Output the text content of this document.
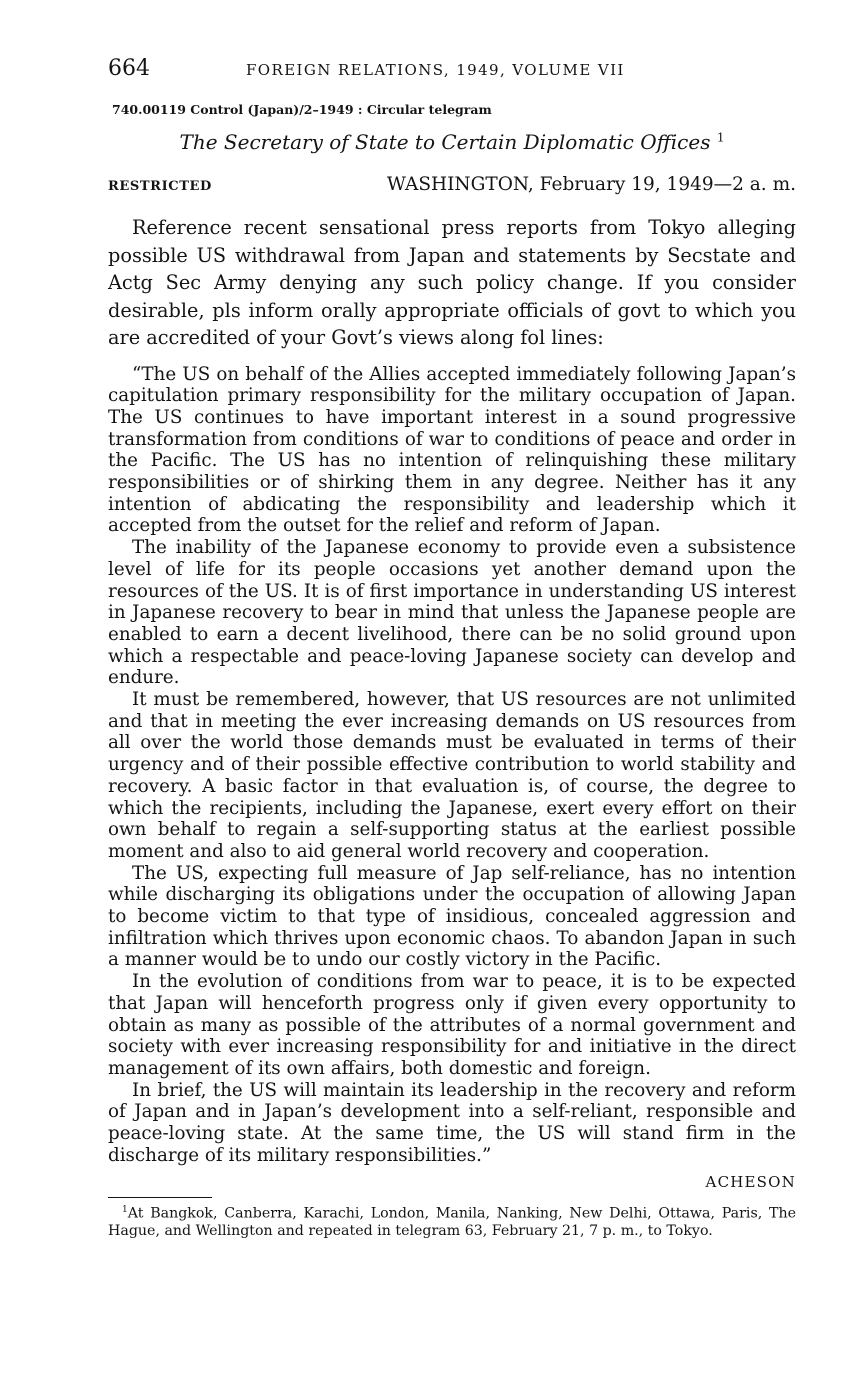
664	FOREIGN RELATIONS, 1949, VOLUME VII
740.00119 Control (Japan)/2–1949 : Circular telegram
The Secretary of State to Certain Diplomatic Offices $^1$
RESTRICTED	WASHINGTON, February 19, 1949—2 a. m.

Reference recent sensational press reports from Tokyo alleging possible US withdrawal from Japan and statements by Secstate and Actg Sec Army denying any such policy change. If you consider desirable, pls inform orally appropriate officials of govt to which you are accredited of your Govt’s views along fol lines:

“The US on behalf of the Allies accepted immediately following Japan’s capitulation primary responsibility for the military occupation of Japan. The US continues to have important interest in a sound progressive transformation from conditions of war to conditions of peace and order in the Pacific. The US has no intention of relinquishing these military responsibilities or of shirking them in any degree. Neither has it any intention of abdicating the responsibility and leadership which it accepted from the outset for the relief and reform of Japan.

The inability of the Japanese economy to provide even a subsistence level of life for its people occasions yet another demand upon the resources of the US. It is of first importance in understanding US interest in Japanese recovery to bear in mind that unless the Japanese people are enabled to earn a decent livelihood, there can be no solid ground upon which a respectable and peace-loving Japanese society can develop and endure.

It must be remembered, however, that US resources are not unlimited and that in meeting the ever increasing demands on US resources from all over the world those demands must be evaluated in terms of their urgency and of their possible effective contribution to world stability and recovery. A basic factor in that evaluation is, of course, the degree to which the recipients, including the Japanese, exert every effort on their own behalf to regain a self-supporting status at the earliest possible moment and also to aid general world recovery and cooperation.

The US, expecting full measure of Jap self-reliance, has no intention while discharging its obligations under the occupation of allowing Japan to become victim to that type of insidious, concealed aggression and infiltration which thrives upon economic chaos. To abandon Japan in such a manner would be to undo our costly victory in the Pacific.

In the evolution of conditions from war to peace, it is to be expected that Japan will henceforth progress only if given every opportunity to obtain as many as possible of the attributes of a normal government and society with ever increasing responsibility for and initiative in the direct management of its own affairs, both domestic and foreign.

In brief, the US will maintain its leadership in the recovery and reform of Japan and in Japan’s development into a self-reliant, responsible and peace-loving state. At the same time, the US will stand firm in the discharge of its military responsibilities.”

ACHESON
$^1$At Bangkok, Canberra, Karachi, London, Manila, Nanking, New Delhi, Ottawa, Paris, The Hague, and Wellington and repeated in telegram 63, February 21, 7 p. m., to Tokyo.
